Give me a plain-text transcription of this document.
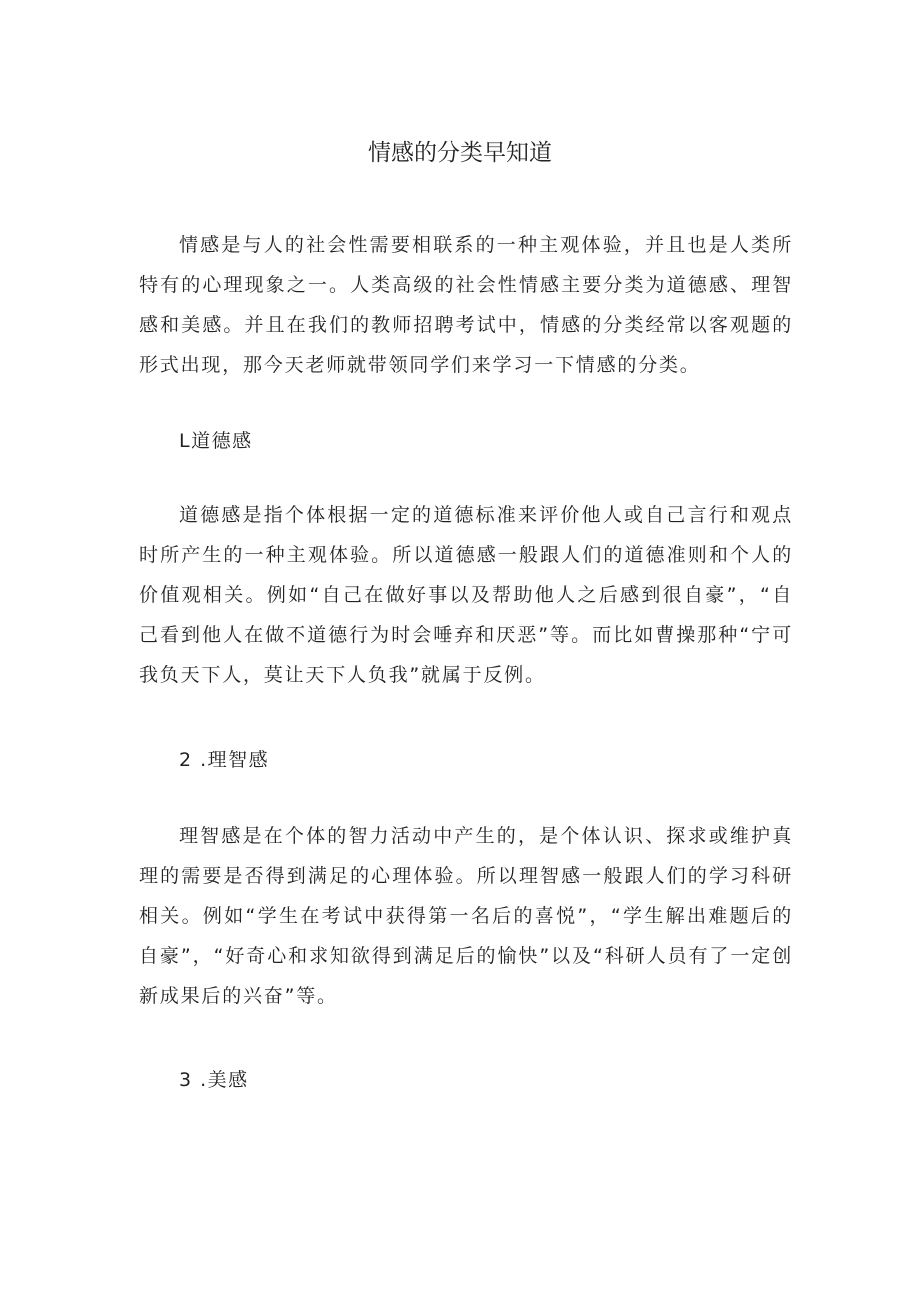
情感的分类早知道

情感是与人的社会性需要相联系的一种主观体验，并且也是人类所特有的心理现象之一。人类高级的社会性情感主要分类为道德感、理智感和美感。并且在我们的教师招聘考试中，情感的分类经常以客观题的形式出现，那今天老师就带领同学们来学习一下情感的分类。

L道德感

道德感是指个体根据一定的道德标准来评价他人或自己言行和观点时所产生的一种主观体验。所以道德感一般跟人们的道德准则和个人的价值观相关。例如“自己在做好事以及帮助他人之后感到很自豪”，“自己看到他人在做不道德行为时会唾弃和厌恶”等。而比如曹操那种“宁可我负天下人，莫让天下人负我”就属于反例。

2 .理智感

理智感是在个体的智力活动中产生的，是个体认识、探求或维护真理的需要是否得到满足的心理体验。所以理智感一般跟人们的学习科研相关。例如“学生在考试中获得第一名后的喜悦”，“学生解出难题后的自豪”，“好奇心和求知欲得到满足后的愉快”以及“科研人员有了一定创新成果后的兴奋”等。

3 .美感
